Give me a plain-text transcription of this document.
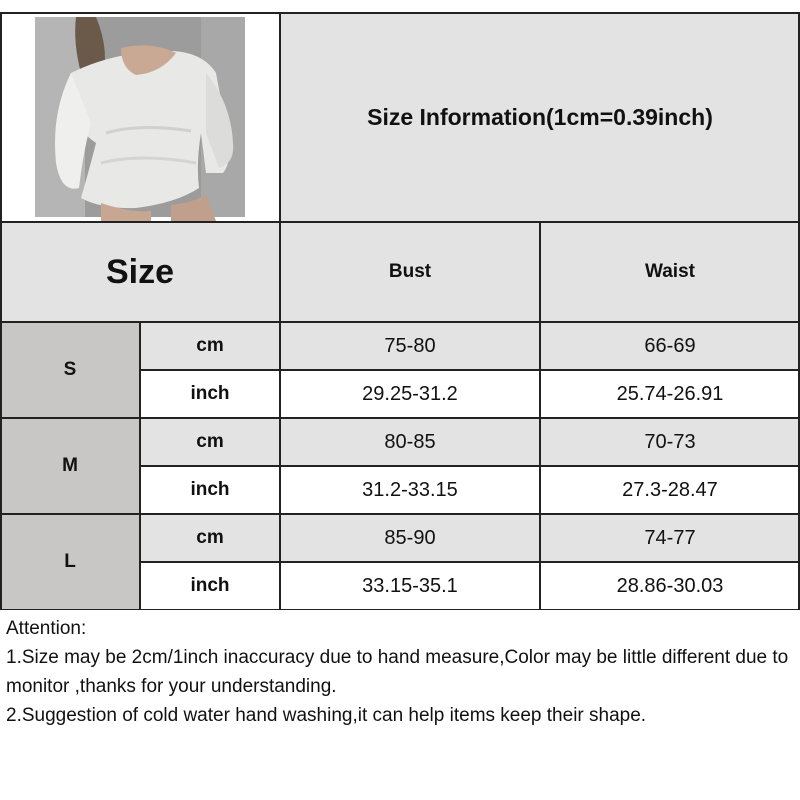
Size Information(1cm=0.39inch)
Size	Bust	Waist
S
cm	75-80	66-69
inch	29.25-31.2	25.74-26.91
M
cm	80-85	70-73
inch	31.2-33.15	27.3-28.47
L
cm	85-90	74-77
inch	33.15-35.1	28.86-30.03

Attention:

1.Size may be 2cm/1inch inaccuracy due to hand measure,Color may be little different due to monitor ,thanks for your understanding.

2.Suggestion of cold water hand washing,it can help items keep their shape.
